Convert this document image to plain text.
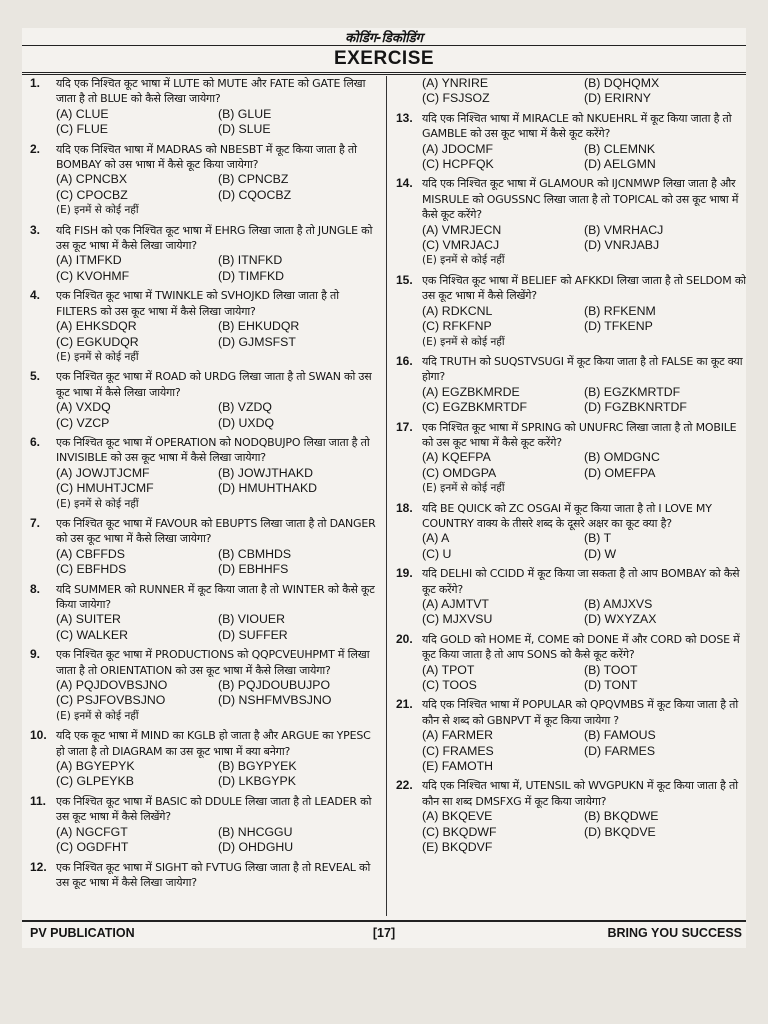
कोडिंग-डिकोडिंग
EXERCISE
1.	यदि एक निश्चित कूट भाषा में LUTE को MUTE और FATE को GATE लिखा जाता है तो BLUE को कैसे लिखा जायेगा?
(A) CLUE	(B) GLUE
(C) FLUE	(D) SLUE
2.	यदि एक निश्चित भाषा में MADRAS को NBESBT में कूट किया जाता है तो BOMBAY को उस भाषा में कैसे कूट किया जायेगा?
(A) CPNCBX	(B) CPNCBZ
(C) CPOCBZ	(D) CQOCBZ
(E) इनमें से कोई नहीं
3.	यदि FISH को एक निश्चित कूट भाषा में EHRG लिखा जाता है तो JUNGLE को उस कूट भाषा में कैसे लिखा जायेगा?
(A) ITMFKD	(B) ITNFKD
(C) KVOHMF	(D) TIMFKD
4.	एक निश्चित कूट भाषा में TWINKLE को SVHOJKD लिखा जाता है तो FILTERS को उस कूट भाषा में कैसे लिखा जायेगा?
(A) EHKSDQR	(B) EHKUDQR
(C) EGKUDQR	(D) GJMSFST
(E) इनमें से कोई नहीं
5.	एक निश्चित कूट भाषा में ROAD को URDG लिखा जाता है तो SWAN को उस कूट भाषा में कैसे लिखा जायेगा?
(A) VXDQ	(B) VZDQ
(C) VZCP	(D) UXDQ
6.	एक निश्चित कूट भाषा में OPERATION को NODQBUJPO लिखा जाता है तो INVISIBLE को उस कूट भाषा में कैसे लिखा जायेगा?
(A) JOWJTJCMF	(B) JOWJTHAKD
(C) HMUHTJCMF	(D) HMUHTHAKD
(E) इनमें से कोई नहीं
7.	एक निश्चित कूट भाषा में FAVOUR को EBUPTS लिखा जाता है तो DANGER को उस कूट भाषा में कैसे लिखा जायेगा?
(A) CBFFDS	(B) CBMHDS
(C) EBFHDS	(D) EBHHFS
8.	यदि SUMMER को RUNNER में कूट किया जाता है तो WINTER को कैसे कूट किया जायेगा?
(A) SUITER	(B) VIOUER
(C) WALKER	(D) SUFFER
9.	एक निश्चित कूट भाषा में PRODUCTIONS को QQPCVEUHPMT में लिखा जाता है तो ORIENTATION को उस कूट भाषा में कैसे लिखा जायेगा?
(A) PQJDOVBSJNO	(B) PQJDOUBUJPO
(C) PSJFOVBSJNO	(D) NSHFMVBSJNO
(E) इनमें से कोई नहीं
10. यदि एक कूट भाषा में MIND का KGLB हो जाता है और ARGUE का YPESC हो जाता है तो DIAGRAM का उस कूट भाषा में क्या बनेगा?
(A) BGYEPYK	(B) BGYPYEK
(C) GLPEYKB	(D) LKBGYPK
11. एक निश्चित कूट भाषा में BASIC को DDULE लिखा जाता है तो LEADER को उस कूट भाषा में कैसे लिखेंगे?
(A) NGCFGT	(B) NHCGGU
(C) OGDFHT	(D) OHDGHU
12. एक निश्चित कूट भाषा में SIGHT को FVTUG लिखा जाता है तो REVEAL को उस कूट भाषा में कैसे लिखा जायेगा?
(A) YNRIRE	(B) DQHQMX
(C) FSJSOZ	(D) ERIRNY
13. यदि एक निश्चित भाषा में MIRACLE को NKUEHRL में कूट किया जाता है तो GAMBLE को उस कूट भाषा में कैसे कूट करेंगे?
(A) JDOCMF	(B) CLEMNK
(C) HCPFQK	(D) AELGMN
14. यदि एक निश्चित कूट भाषा में GLAMOUR को IJCNMWP लिखा जाता है और MISRULE को OGUSSNC लिखा जाता है तो TOPICAL को उस कूट भाषा में कैसे कूट करेंगे?
(A) VMRJECN	(B) VMRHACJ
(C) VMRJACJ	(D) VNRJABJ
(E) इनमें से कोई नहीं
15. एक निश्चित कूट भाषा में BELIEF को AFKKDI लिखा जाता है तो SELDOM को उस कूट भाषा में कैसे लिखेंगे?
(A) RDKCNL	(B) RFKENM
(C) RFKFNP	(D) TFKENP
(E) इनमें से कोई नहीं
16. यदि TRUTH को SUQSTVSUGI में कूट किया जाता है तो FALSE का कूट क्या होगा?
(A) EGZBKMRDE	(B) EGZKMRTDF
(C) EGZBKMRTDF	(D) FGZBKNRTDF
17. एक निश्चित कूट भाषा में SPRING को UNUFRC लिखा जाता है तो MOBILE को उस कूट भाषा में कैसे कूट करेंगे?
(A) KQEFPA	(B) OMDGNC
(C) OMDGPA	(D) OMEFPA
(E) इनमें से कोई नहीं
18. यदि BE QUICK को ZC OSGAI में कूट किया जाता है तो I LOVE MY COUNTRY वाक्य के तीसरे शब्द के दूसरे अक्षर का कूट क्या है?
(A) A	(B) T
(C) U	(D) W
19. यदि DELHI को CCIDD में कूट किया जा सकता है तो आप BOMBAY को कैसे कूट करेंगे?
(A) AJMTVT	(B) AMJXVS
(C) MJXVSU	(D) WXYZAX
20. यदि GOLD को HOME में, COME को DONE में और CORD को DOSE में कूट किया जाता है तो आप SONS को कैसे कूट करेंगे?
(A) TPOT	(B) TOOT
(C) TOOS	(D) TONT
21. यदि एक निश्चित भाषा में POPULAR को QPQVMBS में कूट किया जाता है तो कौन से शब्द को GBNPVT में कूट किया जायेगा ?
(A) FARMER	(B) FAMOUS
(C) FRAMES	(D) FARMES
(E) FAMOTH
22. यदि एक निश्चित भाषा में, UTENSIL को WVGPUKN में कूट किया जाता है तो कौन सा शब्द DMSFXG में कूट किया जायेगा?
(A) BKQEVE	(B) BKQDWE
(C) BKQDWF	(D) BKQDVE
(E) BKQDVF
PV PUBLICATION	[17]	BRING YOU SUCCESS
